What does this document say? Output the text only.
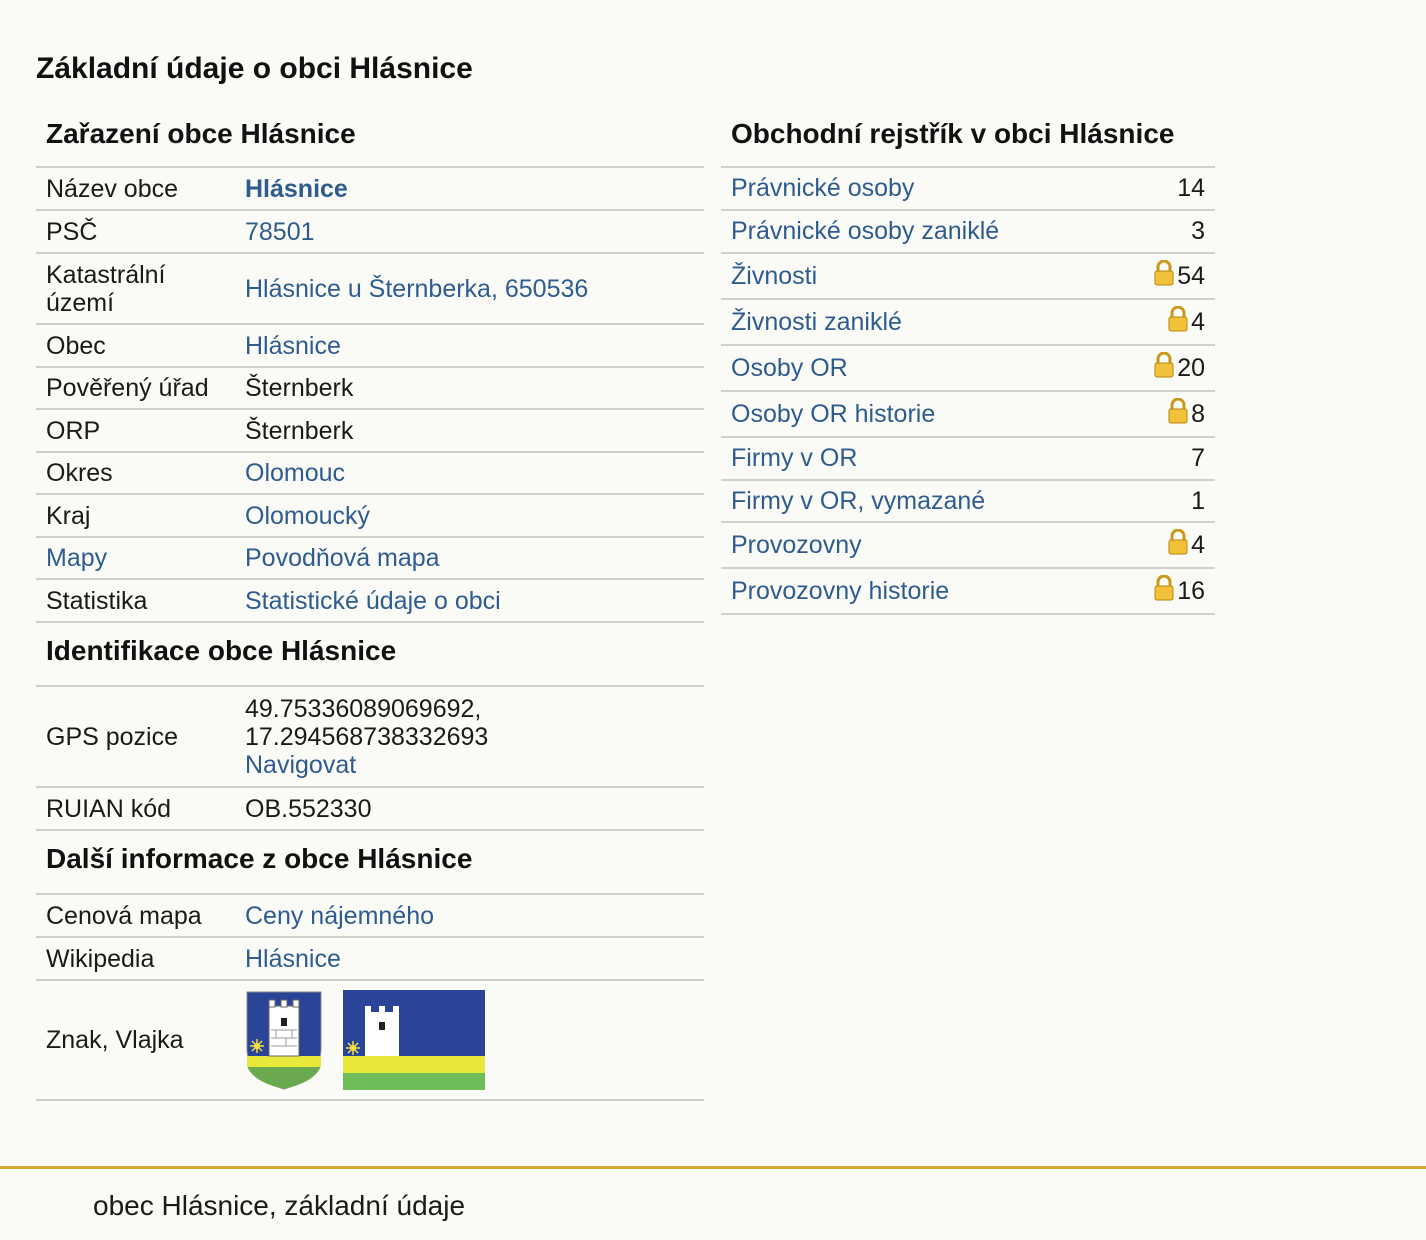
Základní údaje o obci Hlásnice
Zařazení obce Hlásnice
Název obce	Hlásnice
PSČ	78501
Katastrální území	Hlásnice u Šternberka, 650536
Obec	Hlásnice
Pověřený úřad	Šternberk
ORP	Šternberk
Okres	Olomouc
Kraj	Olomoucký
Mapy	Povodňová mapa
Statistika	Statistické údaje o obci
Identifikace obce Hlásnice
GPS pozice	49.75336089069692,
17.294568738332693
Navigovat
RUIAN kód	OB.552330
Další informace z obce Hlásnice
Cenová mapa	Ceny nájemného
Wikipedia	Hlásnice
Znak, Vlajka	
Obchodní rejstřík v obci Hlásnice
Právnické osoby	14
Právnické osoby zaniklé	3
Živnosti	54
Živnosti zaniklé	4
Osoby OR	20
Osoby OR historie	8
Firmy v OR	7
Firmy v OR, vymazané	1
Provozovny	4
Provozovny historie	16
obec Hlásnice, základní údaje
